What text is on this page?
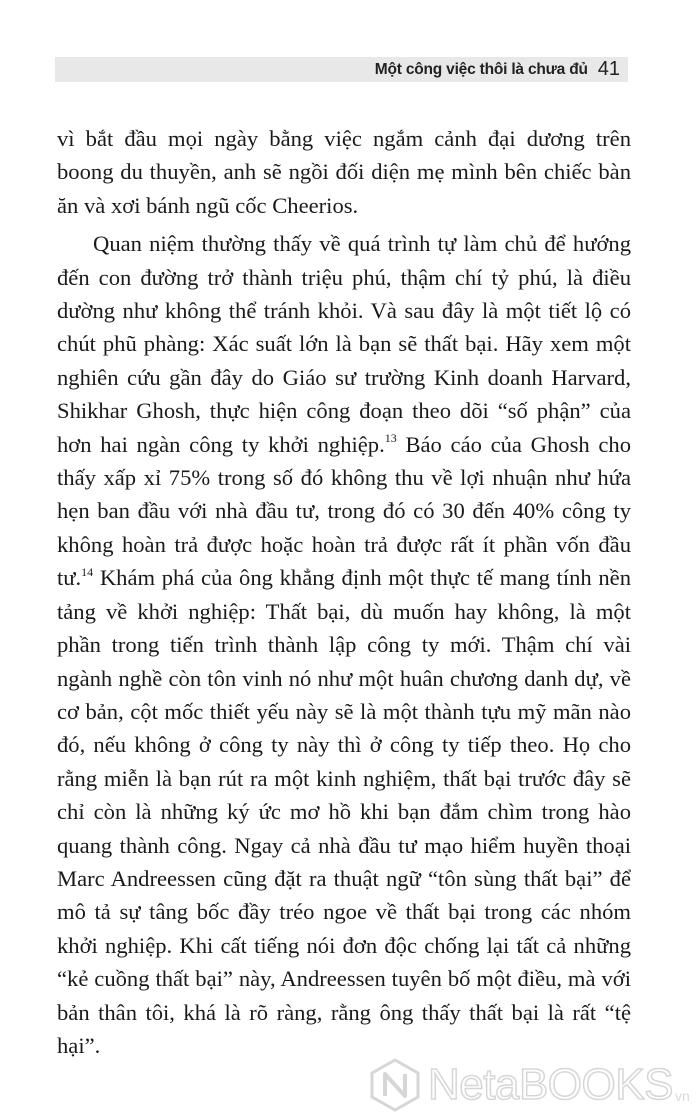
Một công việc thôi là chưa đủ 41

vì bắt đầu mọi ngày bằng việc ngắm cảnh đại dương trên boong du thuyền, anh sẽ ngồi đối diện mẹ mình bên chiếc bàn ăn và xơi bánh ngũ cốc Cheerios.

Quan niệm thường thấy về quá trình tự làm chủ để hướng đến con đường trở thành triệu phú, thậm chí tỷ phú, là điều dường như không thể tránh khỏi. Và sau đây là một tiết lộ có chút phũ phàng: Xác suất lớn là bạn sẽ thất bại. Hãy xem một nghiên cứu gần đây do Giáo sư trường Kinh doanh Harvard, Shikhar Ghosh, thực hiện công đoạn theo dõi “số phận” của hơn hai ngàn công ty khởi nghiệp.$^{13}$ Báo cáo của Ghosh cho thấy xấp xỉ 75% trong số đó không thu về lợi nhuận như hứa hẹn ban đầu với nhà đầu tư, trong đó có 30 đến 40% công ty không hoàn trả được hoặc hoàn trả được rất ít phần vốn đầu tư.$^{14}$ Khám phá của ông khẳng định một thực tế mang tính nền tảng về khởi nghiệp: Thất bại, dù muốn hay không, là một phần trong tiến trình thành lập công ty mới. Thậm chí vài ngành nghề còn tôn vinh nó như một huân chương danh dự, về cơ bản, cột mốc thiết yếu này sẽ là một thành tựu mỹ mãn nào đó, nếu không ở công ty này thì ở công ty tiếp theo. Họ cho rằng miễn là bạn rút ra một kinh nghiệm, thất bại trước đây sẽ chỉ còn là những ký ức mơ hồ khi bạn đắm chìm trong hào quang thành công. Ngay cả nhà đầu tư mạo hiểm huyền thoại Marc Andreessen cũng đặt ra thuật ngữ “tôn sùng thất bại” để mô tả sự tâng bốc đầy tréo ngoe về thất bại trong các nhóm khởi nghiệp. Khi cất tiếng nói đơn độc chống lại tất cả những “kẻ cuồng thất bại” này, Andreessen tuyên bố một điều, mà với bản thân tôi, khá là rõ ràng, rằng ông thấy thất bại là rất “tệ hại”.

NetaBOOKS vn
